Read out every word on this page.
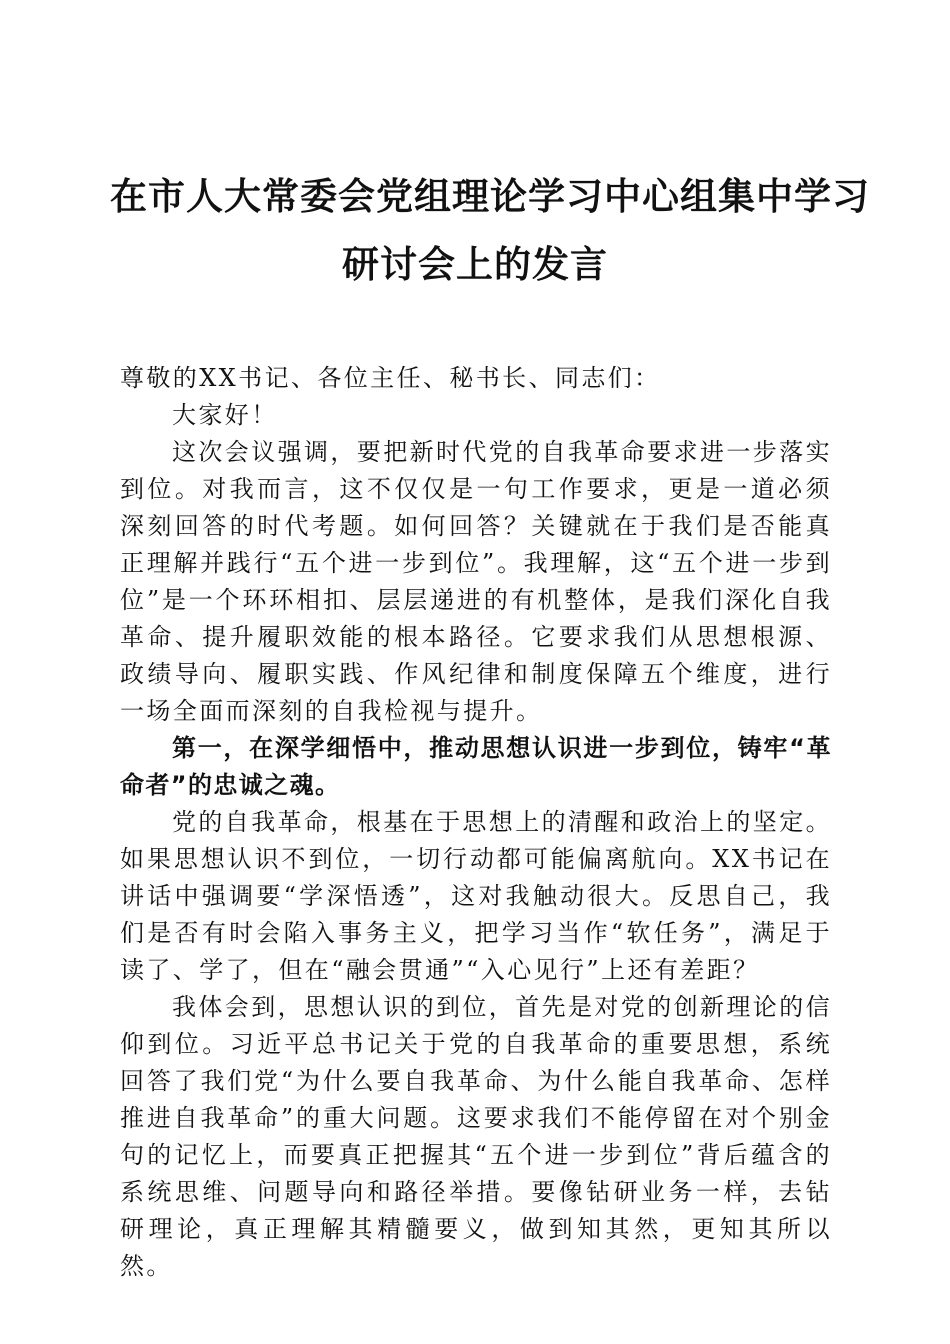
在市人大常委会党组理论学习中心组集中学习
研讨会上的发言

尊敬的XX书记、各位主任、秘书长、同志们：

大家好！

这次会议强调，要把新时代党的自我革命要求进一步落实到位。对我而言，这不仅仅是一句工作要求，更是一道必须深刻回答的时代考题。如何回答？关键就在于我们是否能真正理解并践行“五个进一步到位”。我理解，这“五个进一步到位”是一个环环相扣、层层递进的有机整体，是我们深化自我革命、提升履职效能的根本路径。它要求我们从思想根源、政绩导向、履职实践、作风纪律和制度保障五个维度，进行一场全面而深刻的自我检视与提升。

第一，在深学细悟中，推动思想认识进一步到位，铸牢“革命者”的忠诚之魂。

党的自我革命，根基在于思想上的清醒和政治上的坚定。如果思想认识不到位，一切行动都可能偏离航向。XX书记在讲话中强调要“学深悟透”，这对我触动很大。反思自己，我们是否有时会陷入事务主义，把学习当作“软任务”，满足于读了、学了，但在“融会贯通”“入心见行”上还有差距？

我体会到，思想认识的到位，首先是对党的创新理论的信仰到位。习近平总书记关于党的自我革命的重要思想，系统回答了我们党“为什么要自我革命、为什么能自我革命、怎样推进自我革命”的重大问题。这要求我们不能停留在对个别金句的记忆上，而要真正把握其“五个进一步到位”背后蕴含的系统思维、问题导向和路径举措。要像钻研业务一样，去钻研理论，真正理解其精髓要义，做到知其然，更知其所以然。
